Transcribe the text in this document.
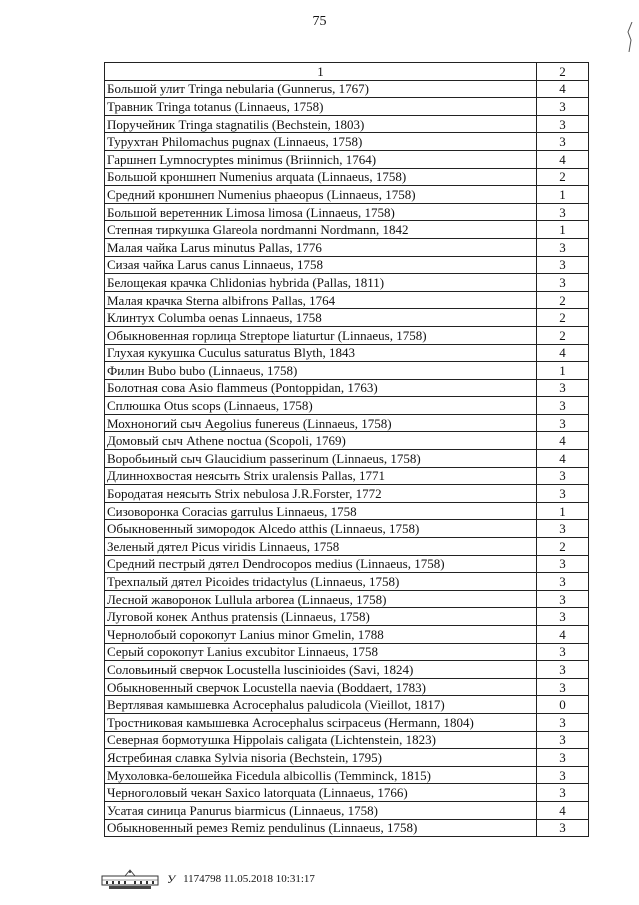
75
1	2
Большой улит Tringa nebularia (Gunnerus, 1767)	4
Травник Tringa totanus (Linnaeus, 1758)	3
Поручейник Tringa stagnatilis (Bechstein, 1803)	3
Турухтан Philomachus pugnax (Linnaeus, 1758)	3
Гаршнеп Lymnocryptes minimus (Briinnich, 1764)	4
Большой кроншнеп Numenius arquata (Linnaeus, 1758)	2
Средний кроншнеп Numenius phaeopus (Linnaeus, 1758)	1
Большой веретенник Limosa limosa (Linnaeus, 1758)	3
Степная тиркушка Glareola nordmanni Nordmann, 1842	1
Малая чайка Larus minutus Pallas, 1776	3
Сизая чайка Larus canus Linnaeus, 1758	3
Белощекая крачка Chlidonias hybrida (Pallas, 1811)	3
Малая крачка Sterna albifrons Pallas, 1764	2
Клинтух Columba oenas Linnaeus, 1758	2
Обыкновенная горлица Streptope liaturtur (Linnaeus, 1758)	2
Глухая кукушка Cuculus saturatus Blyth, 1843	4
Филин Bubo bubo (Linnaeus, 1758)	1
Болотная сова Asio flammeus (Pontoppidan, 1763)	3
Сплюшка Otus scops (Linnaeus, 1758)	3
Мохноногий сыч Aegolius funereus (Linnaeus, 1758)	3
Домовый сыч Athene noctua (Scopoli, 1769)	4
Воробьиный сыч Glaucidium passerinum (Linnaeus, 1758)	4
Длиннохвостая неясыть Strix uralensis Pallas, 1771	3
Бородатая неясыть Strix nebulosa J.R.Forster, 1772	3
Сизоворонка Coracias garrulus Linnaeus, 1758	1
Обыкновенный зимородок Alcedo atthis (Linnaeus, 1758)	3
Зеленый дятел Picus viridis Linnaeus, 1758	2
Средний пестрый дятел Dendrocopos medius (Linnaeus, 1758)	3
Трехпалый дятел Picoides tridactylus (Linnaeus, 1758)	3
Лесной жаворонок Lullula arborea (Linnaeus, 1758)	3
Луговой конек Anthus pratensis (Linnaeus, 1758)	3
Чернолобый сорокопут Lanius minor Gmelin, 1788	4
Серый сорокопут Lanius excubitor Linnaeus, 1758	3
Соловьиный сверчок Locustella luscinioides (Savi, 1824)	3
Обыкновенный сверчок Locustella naevia (Boddaert, 1783)	3
Вертлявая камышевка Acrocephalus paludicola (Vieillot, 1817)	0
Тростниковая камышевка Acrocephalus scirpaceus (Hermann, 1804)	3
Северная бормотушка Hippolais caligata (Lichtenstein, 1823)	3
Ястребиная славка Sylvia nisoria (Bechstein, 1795)	3
Мухоловка-белошейка Ficedula albicollis (Temminck, 1815)	3
Черноголовый чекан Saxico latorquata (Linnaeus, 1766)	3
Усатая синица Panurus biarmicus (Linnaeus, 1758)	4
Обыкновенный ремез Remiz pendulinus (Linnaeus, 1758)	3
У 1174798 11.05.2018 10:31:17
